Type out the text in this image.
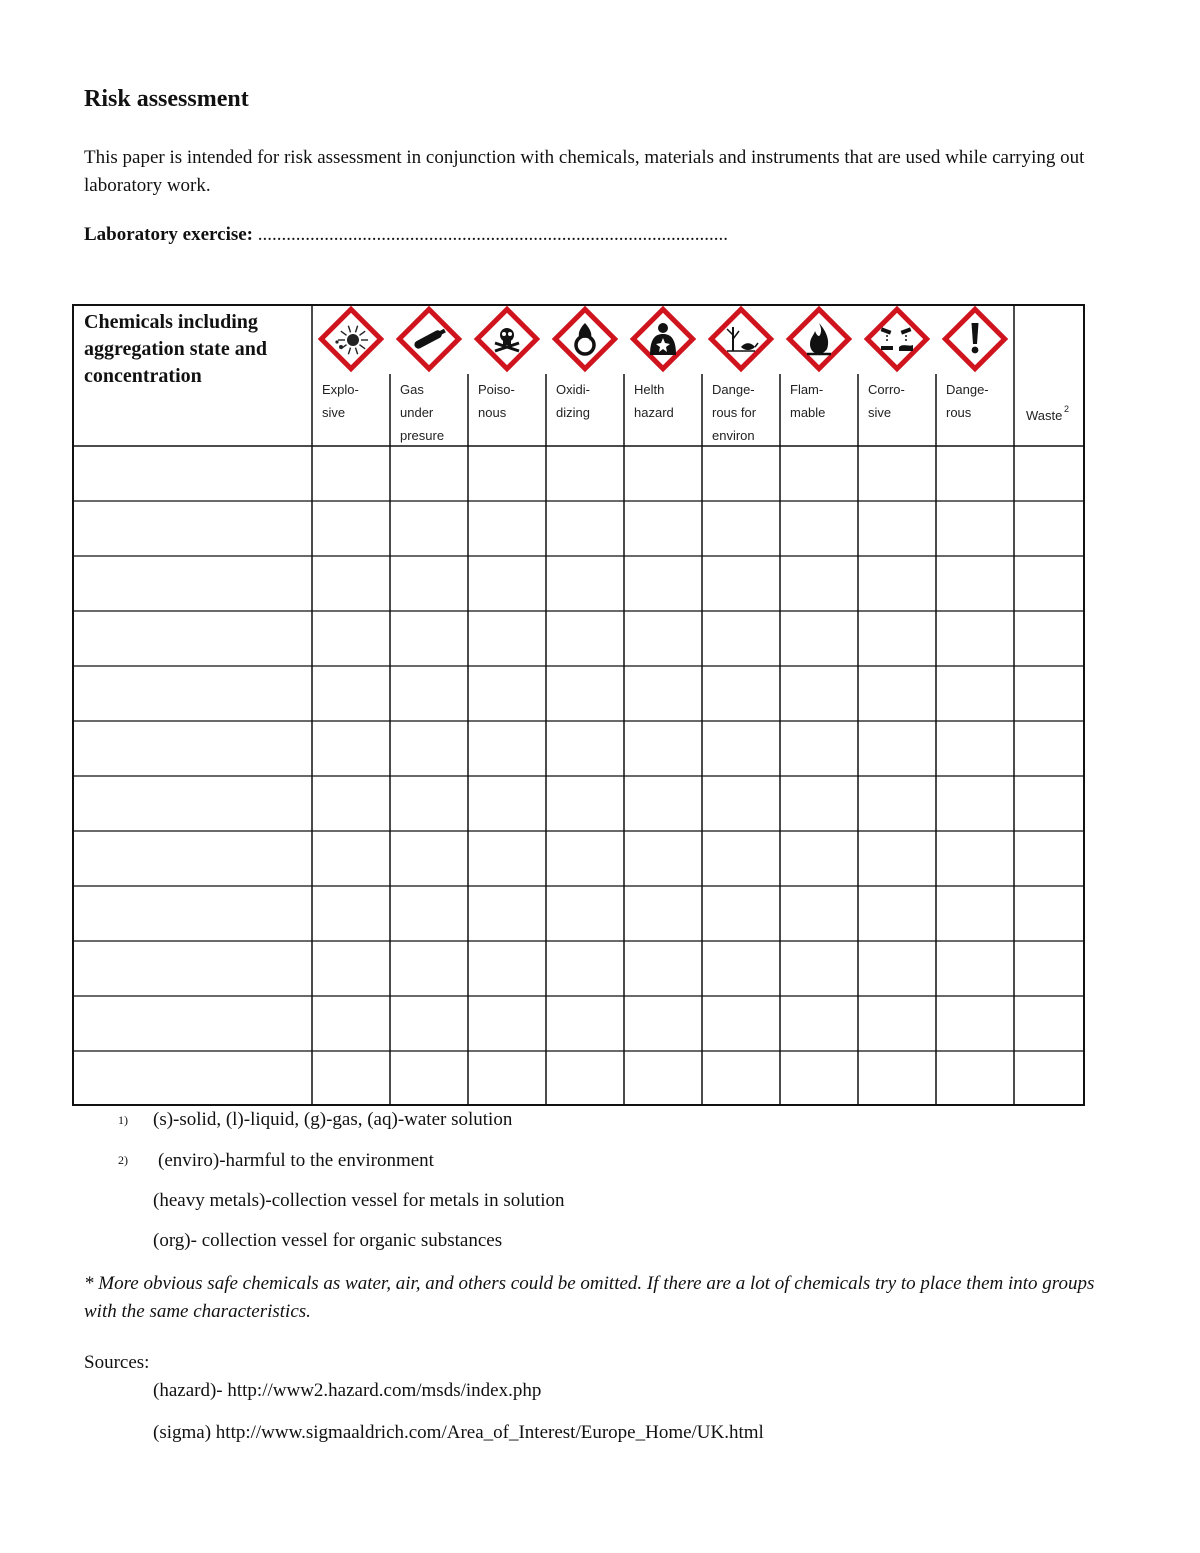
Risk assessment
This paper is intended for risk assessment in conjunction with chemicals, materials and instruments that are used while carrying out laboratory work.
Laboratory exercise: ...................................................................................................
Chemicals including
aggregation state and
concentration
Explo-
sive
Gas
under
presure
Poiso-
nous
Oxidi-
dizing
Helth
hazard
Dange-
rous for
environ
Flam-
mable
Corro-
sive
Dange-
rous	Waste 2
1) (s)-solid, (l)-liquid, (g)-gas, (aq)-water solution
2) (enviro)-harmful to the environment
(heavy metals)-collection vessel for metals in solution
(org)- collection vessel for organic substances
* More obvious safe chemicals as water, air, and others could be omitted. If there are a lot of chemicals try to place them into groups with the same characteristics.
Sources:
(hazard)- http://www2.hazard.com/msds/index.php
(sigma) http://www.sigmaaldrich.com/Area_of_Interest/Europe_Home/UK.html
